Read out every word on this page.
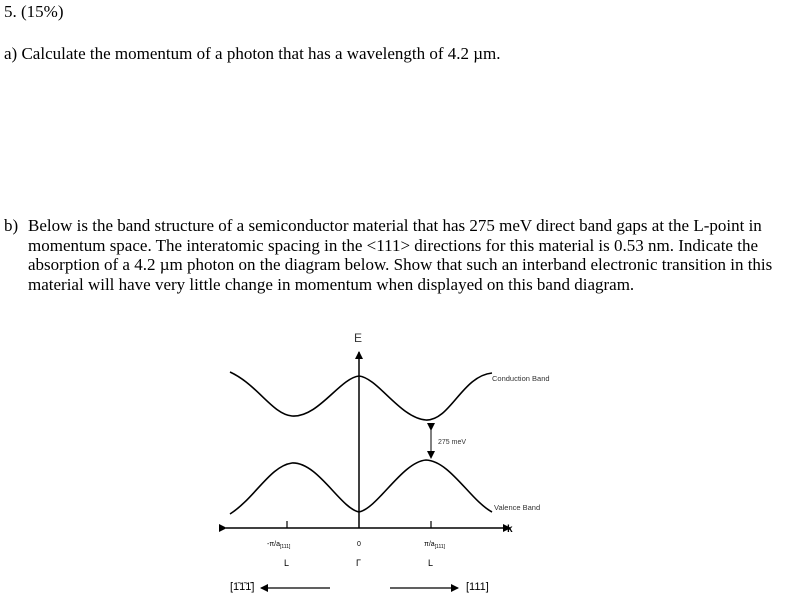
5. (15%)
a) Calculate the momentum of a photon that has a wavelength of 4.2 µm.
b) Below is the band structure of a semiconductor material that has 275 meV direct band gaps at the L-point in momentum space. The interatomic spacing in the <111> directions for this material is 0.53 nm. Indicate the absorption of a 4.2 µm photon on the diagram below. Show that such an interband electronic transition in this material will have very little change in momentum when displayed on this band diagram.
E
k
Conduction Band
Valence Band
275 meV
$-\pi/a_{[111]}$	0	$\pi/a_{[111]}$
L	Γ	L
[1̄1̄1̄]	[111]
